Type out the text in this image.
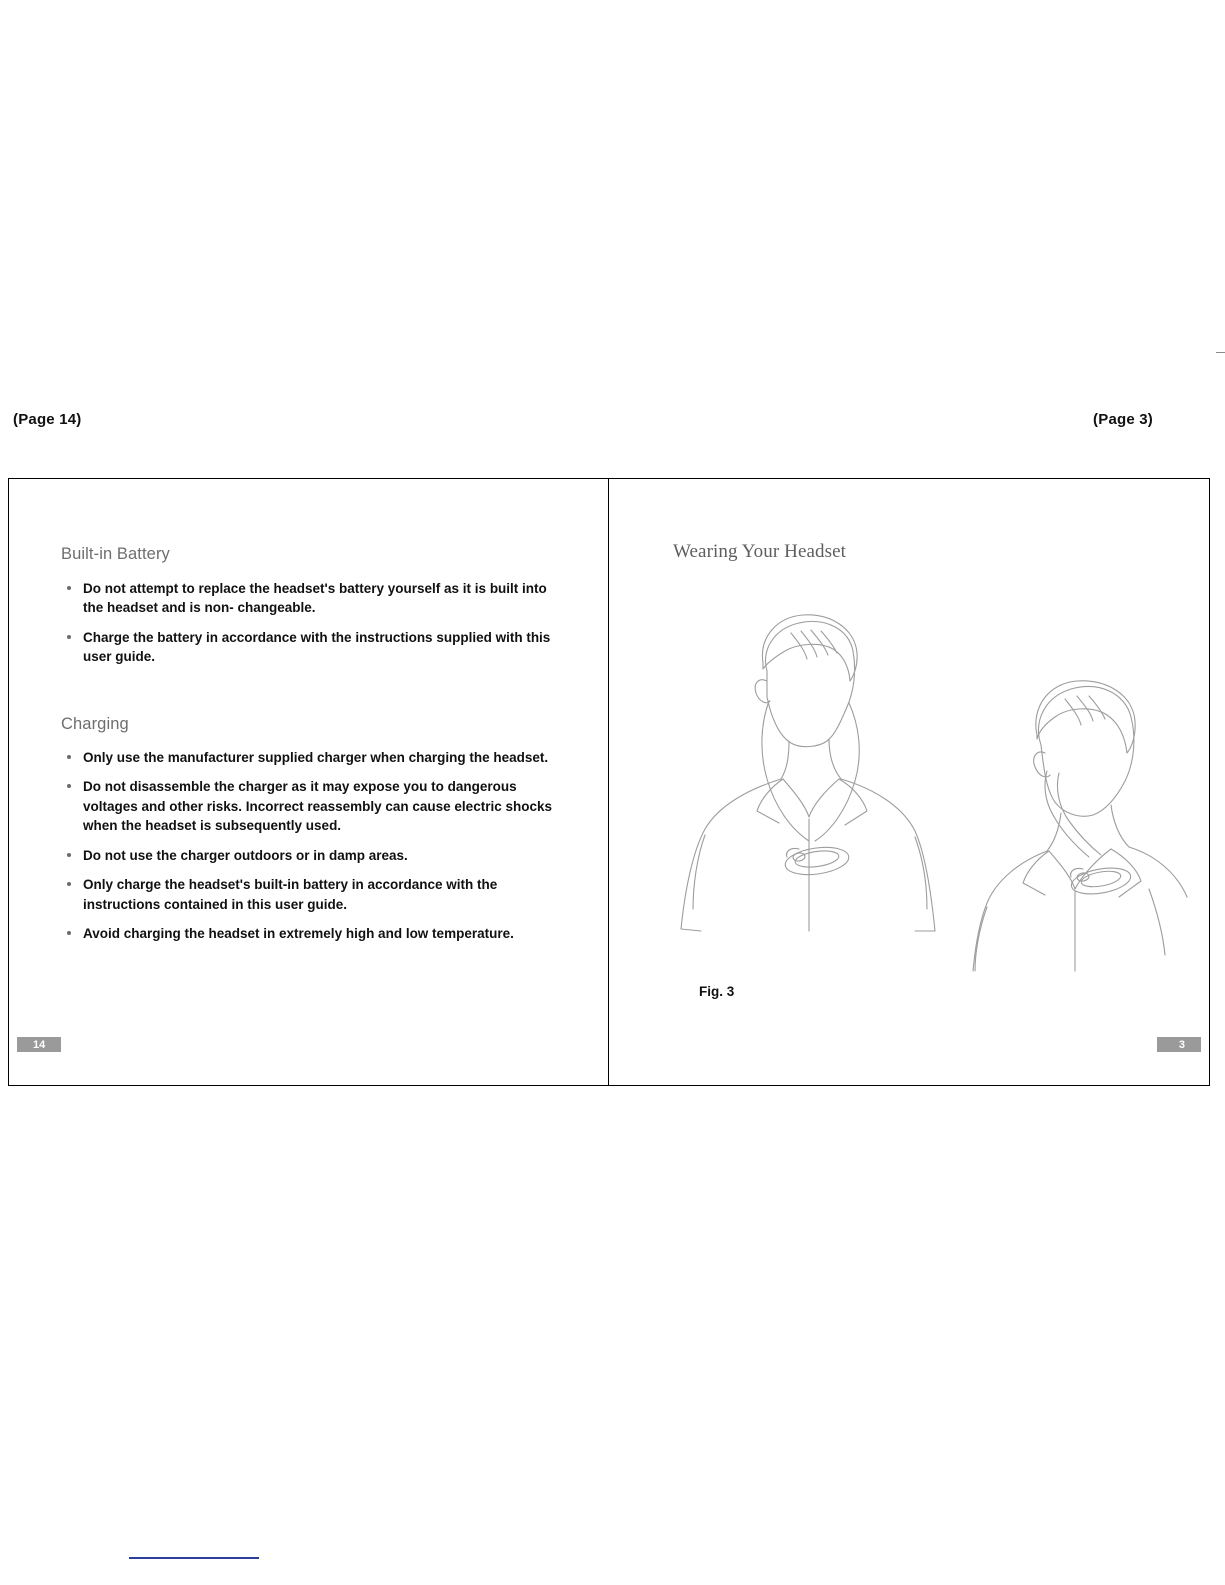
(Page 14)	(Page 3)
Built-in Battery
Do not attempt to replace the headset's battery yourself as it is built into the headset and is non- changeable.
Charge the battery in accordance with the instructions supplied with this user guide.
Charging
Only use the manufacturer supplied charger when charging the headset.
Do not disassemble the charger as it may expose you to dangerous voltages and other risks. Incorrect reassembly can cause electric shocks when the headset is subsequently used.
Do not use the charger outdoors or in damp areas.
Only charge the headset's built-in battery in accordance with the instructions contained in this user guide.
Avoid charging the headset in extremely high and low temperature.
14
Wearing Your Headset
Fig. 3
3
